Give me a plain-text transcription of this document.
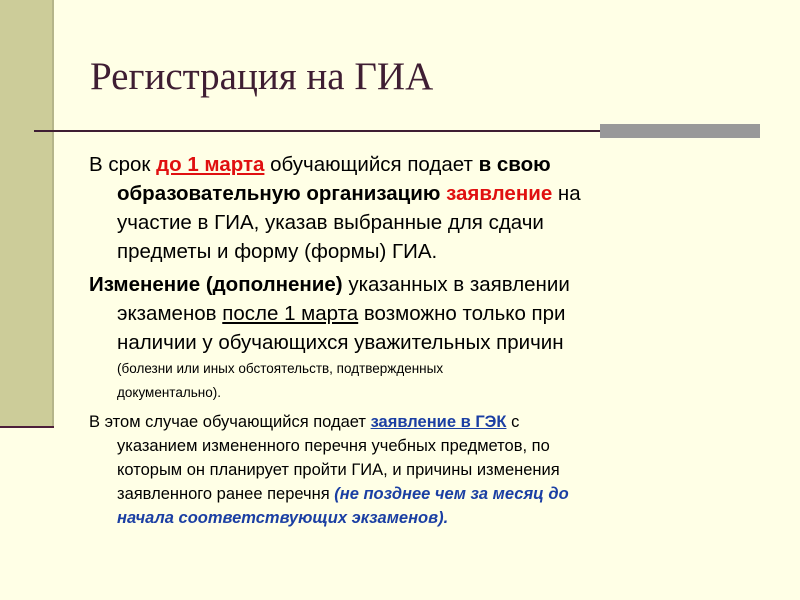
Регистрация на ГИА

В срок до 1 марта обучающийся подает в свою
образовательную организацию заявление на
участие в ГИА, указав выбранные для сдачи
предметы и форму (формы) ГИА.

Изменение (дополнение) указанных в заявлении
экзаменов после 1 марта возможно только при
наличии у обучающихся уважительных причин
(болезни или иных обстоятельств, подтвержденных
документально).

В этом случае обучающийся подает заявление в ГЭК с
указанием измененного перечня учебных предметов, по
которым он планирует пройти ГИА, и причины изменения
заявленного ранее перечня (не позднее чем за месяц до
начала соответствующих экзаменов).
